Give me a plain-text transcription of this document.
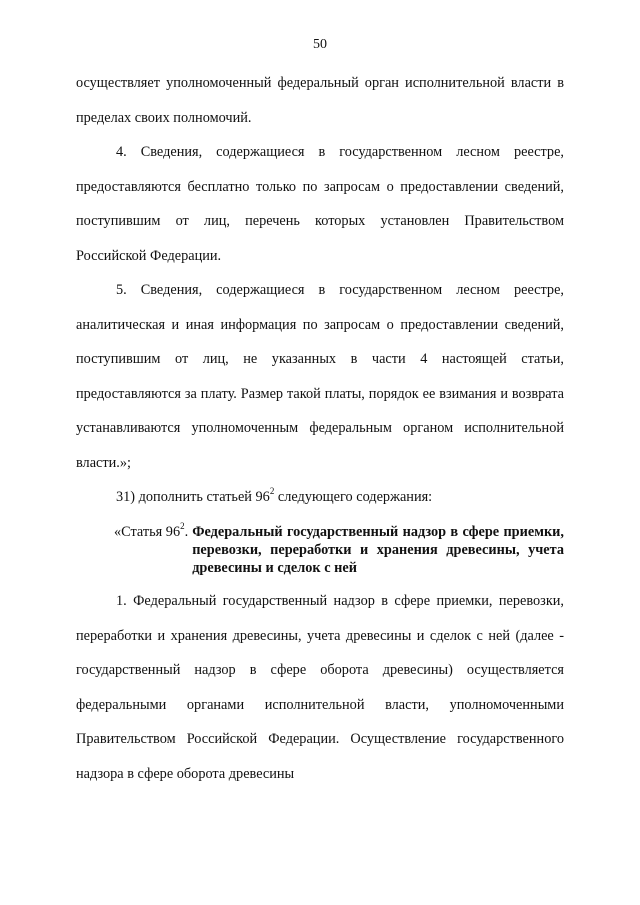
50

осуществляет уполномоченный федеральный орган исполнительной власти в пределах своих полномочий.

4. Сведения, содержащиеся в государственном лесном реестре, предоставляются бесплатно только по запросам о предоставлении сведений, поступившим от лиц, перечень которых установлен Правительством Российской Федерации.

5. Сведения, содержащиеся в государственном лесном реестре, аналитическая и иная информация по запросам о предоставлении сведений, поступившим от лиц, не указанных в части 4 настоящей статьи, предоставляются за плату. Размер такой платы, порядок ее взимания и возврата устанавливаются уполномоченным федеральным органом исполнительной власти.»;

31) дополнить статьей $96^2$ следующего содержания:

«Статья $96^2$. Федеральный государственный надзор в сфере приемки, перевозки, переработки и хранения древесины, учета древесины и сделок с ней

1. Федеральный государственный надзор в сфере приемки, перевозки, переработки и хранения древесины, учета древесины и сделок с ней (далее - государственный надзор в сфере оборота древесины) осуществляется федеральными органами исполнительной власти, уполномоченными Правительством Российской Федерации. Осуществление государственного надзора в сфере оборота древесины
